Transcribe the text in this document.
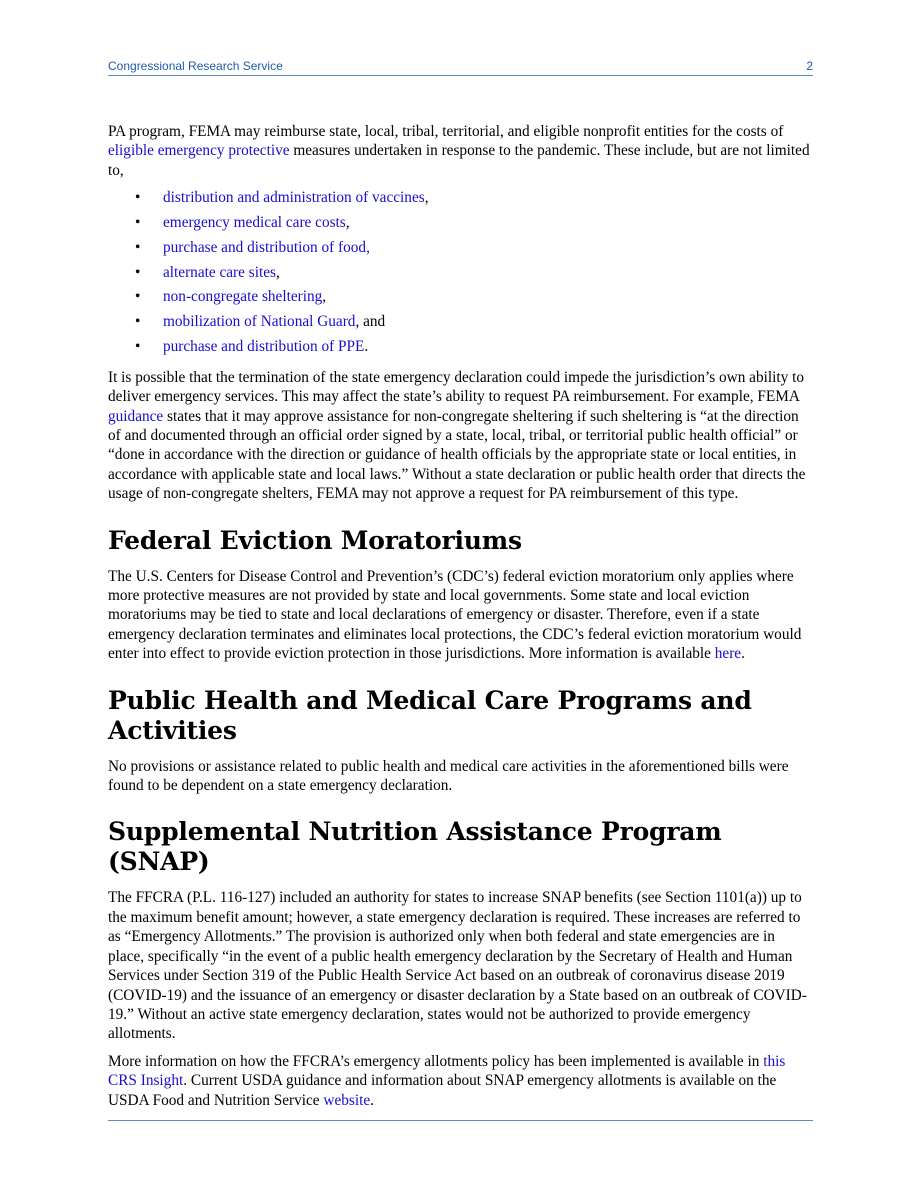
Congressional Research Service	2

PA program, FEMA may reimburse state, local, tribal, territorial, and eligible nonprofit entities for the costs of eligible emergency protective measures undertaken in response to the pandemic. These include, but are not limited to,

• distribution and administration of vaccines,
• emergency medical care costs,
• purchase and distribution of food,
• alternate care sites,
• non-congregate sheltering,
• mobilization of National Guard, and
• purchase and distribution of PPE.

It is possible that the termination of the state emergency declaration could impede the jurisdiction’s own ability to deliver emergency services. This may affect the state’s ability to request PA reimbursement. For example, FEMA guidance states that it may approve assistance for non-congregate sheltering if such sheltering is “at the direction of and documented through an official order signed by a state, local, tribal, or territorial public health official” or “done in accordance with the direction or guidance of health officials by the appropriate state or local entities, in accordance with applicable state and local laws.” Without a state declaration or public health order that directs the usage of non-congregate shelters, FEMA may not approve a request for PA reimbursement of this type.

Federal Eviction Moratoriums

The U.S. Centers for Disease Control and Prevention’s (CDC’s) federal eviction moratorium only applies where more protective measures are not provided by state and local governments. Some state and local eviction moratoriums may be tied to state and local declarations of emergency or disaster. Therefore, even if a state emergency declaration terminates and eliminates local protections, the CDC’s federal eviction moratorium would enter into effect to provide eviction protection in those jurisdictions. More information is available here.

Public Health and Medical Care Programs and Activities

No provisions or assistance related to public health and medical care activities in the aforementioned bills were found to be dependent on a state emergency declaration.

Supplemental Nutrition Assistance Program (SNAP)

The FFCRA (P.L. 116-127) included an authority for states to increase SNAP benefits (see Section 1101(a)) up to the maximum benefit amount; however, a state emergency declaration is required. These increases are referred to as “Emergency Allotments.” The provision is authorized only when both federal and state emergencies are in place, specifically “in the event of a public health emergency declaration by the Secretary of Health and Human Services under Section 319 of the Public Health Service Act based on an outbreak of coronavirus disease 2019 (COVID-19) and the issuance of an emergency or disaster declaration by a State based on an outbreak of COVID-19.” Without an active state emergency declaration, states would not be authorized to provide emergency allotments.

More information on how the FFCRA’s emergency allotments policy has been implemented is available in this CRS Insight. Current USDA guidance and information about SNAP emergency allotments is available on the USDA Food and Nutrition Service website.
